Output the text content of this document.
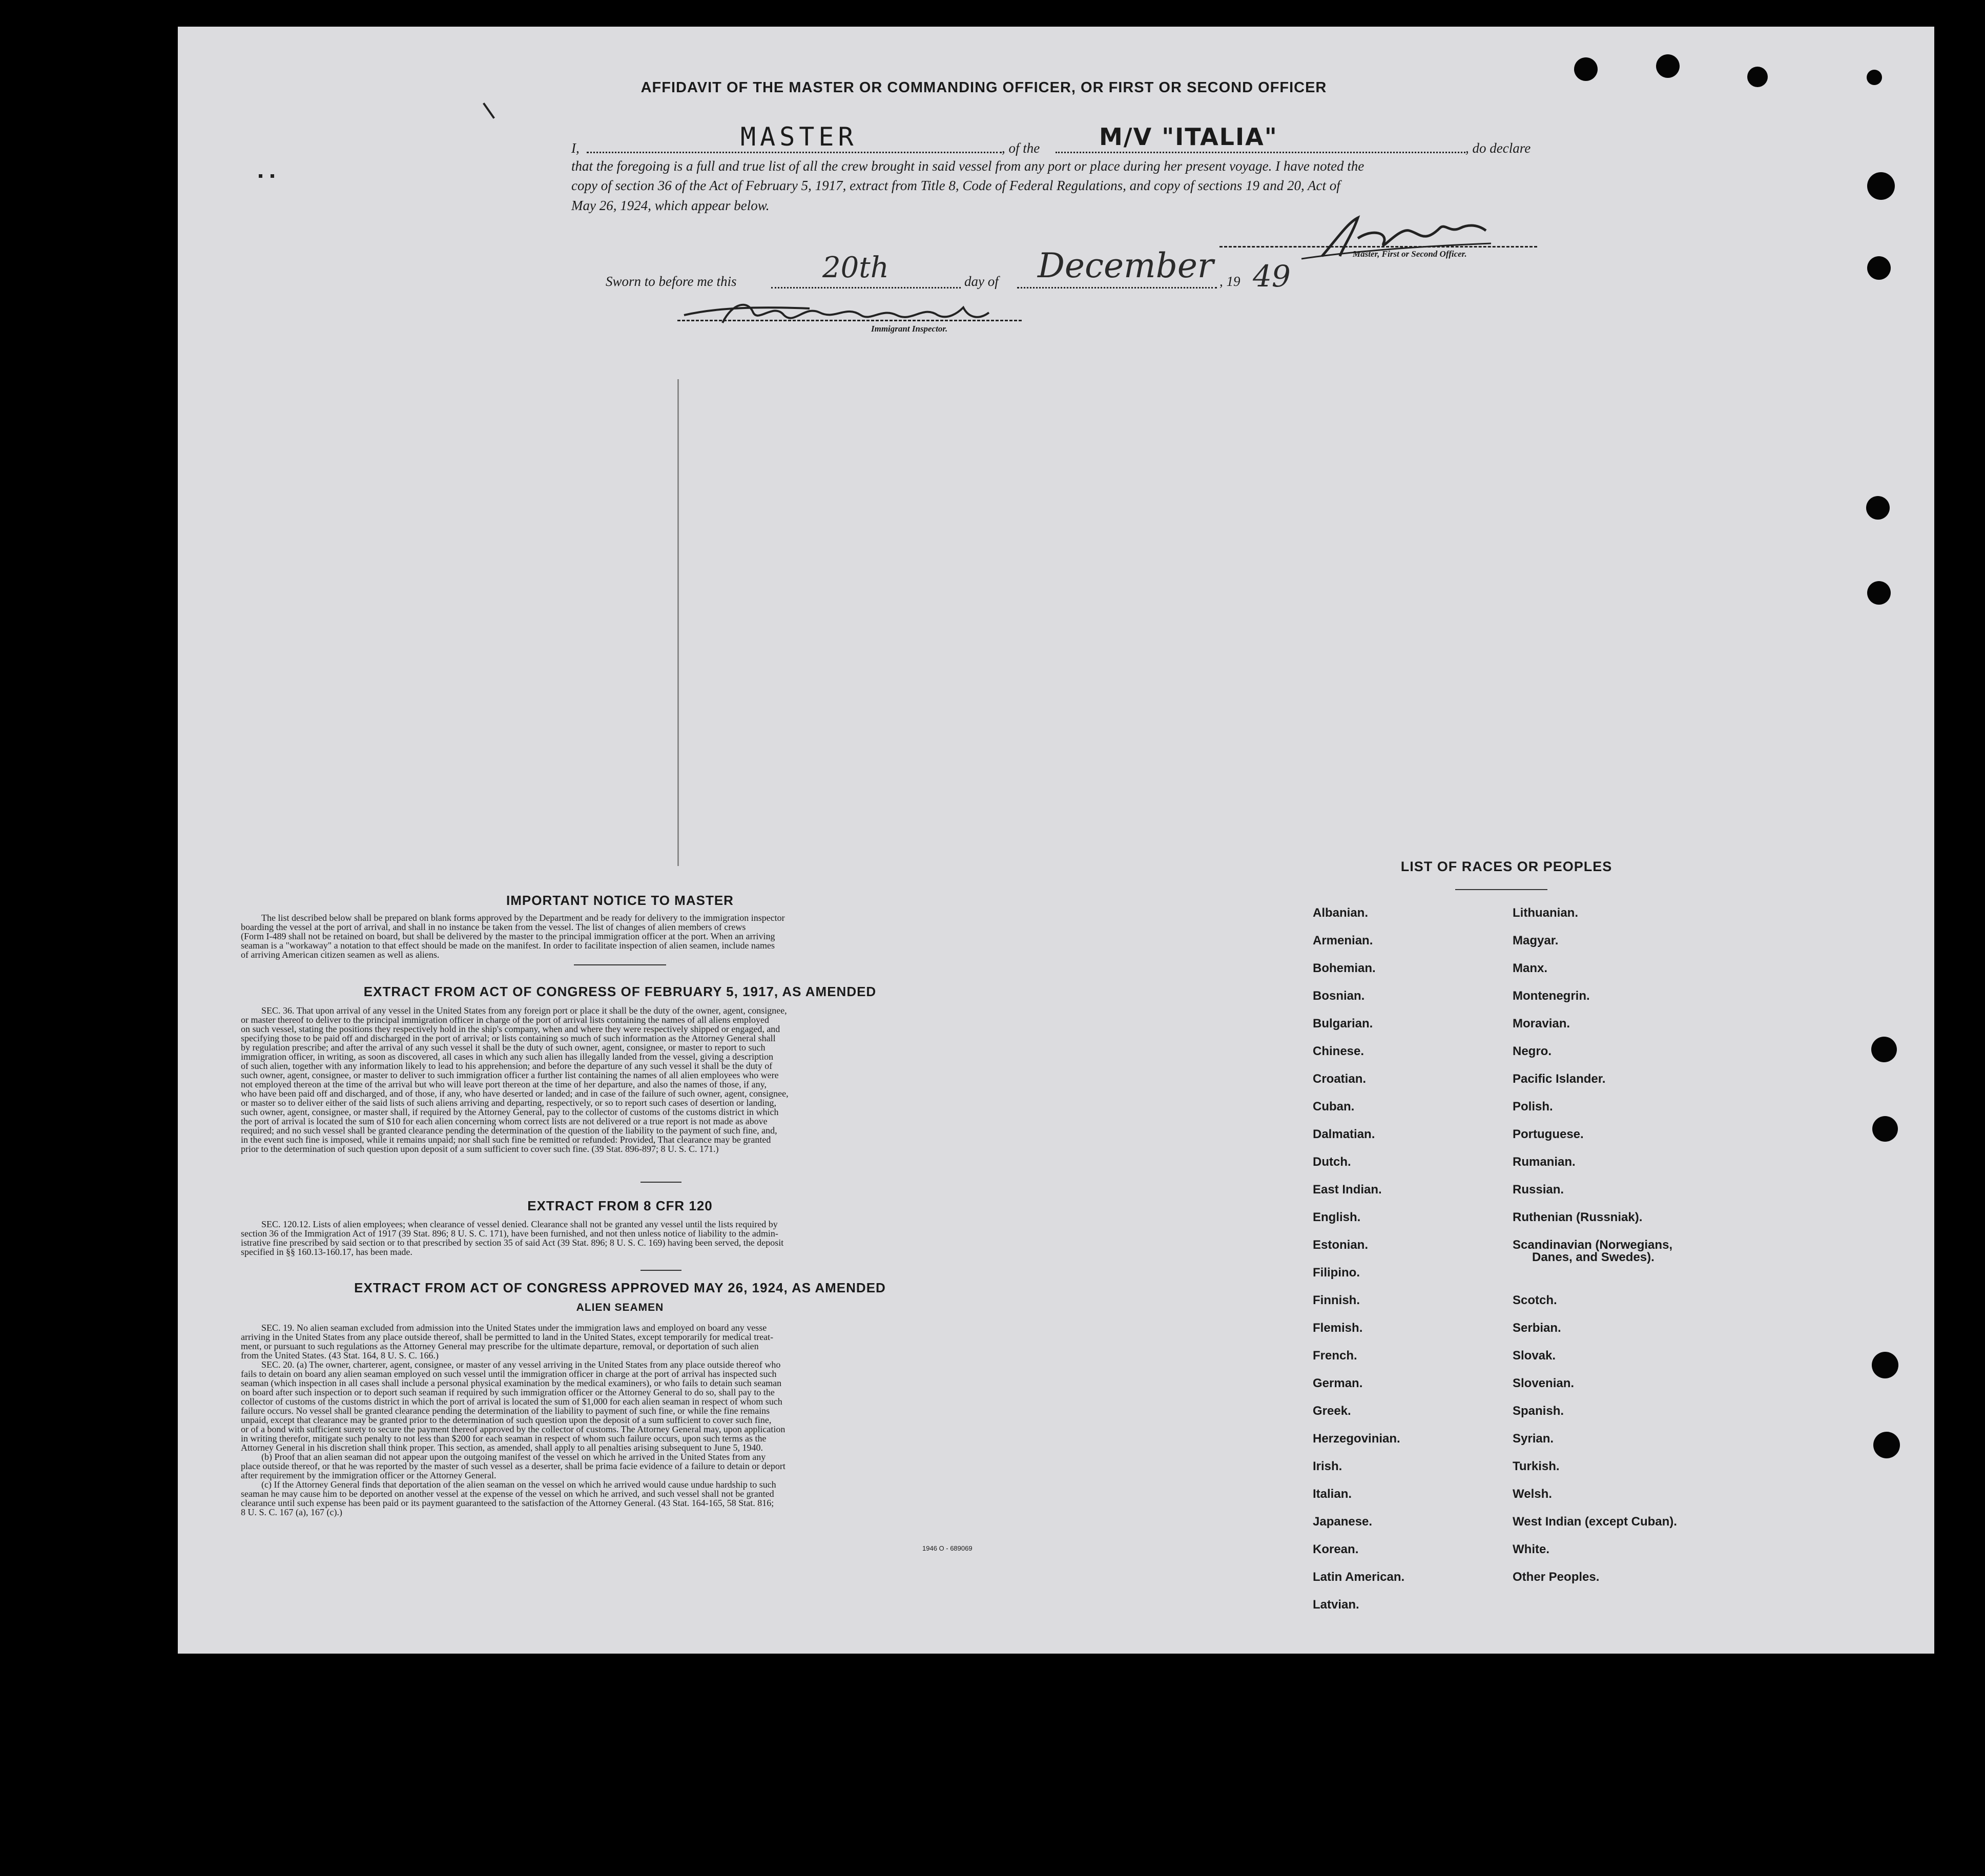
AFFIDAVIT OF THE MASTER OR COMMANDING OFFICER, OR FIRST OR SECOND OFFICER
I,	MASTER	, of the	M/V "ITALIA"	, do declare
that the foregoing is a full and true list of all the crew brought in said vessel from any port or place during her present voyage. I have noted the
copy of section 36 of the Act of February 5, 1917, extract from Title 8, Code of Federal Regulations, and copy of sections 19 and 20, Act of
May 26, 1924, which appear below.
Master, First or Second Officer.
Sworn to before me this	20th	day of December , 19 49
Immigrant Inspector.
IMPORTANT NOTICE TO MASTER
The list described below shall be prepared on blank forms approved by the Department and be ready for delivery to the immigration inspector
boarding the vessel at the port of arrival, and shall in no instance be taken from the vessel. The list of changes of alien members of crews
(Form I-489 shall not be retained on board, but shall be delivered by the master to the principal immigration officer at the port. When an arriving
seaman is a "workaway" a notation to that effect should be made on the manifest. In order to facilitate inspection of alien seamen, include names
of arriving American citizen seamen as well as aliens.
EXTRACT FROM ACT OF CONGRESS OF FEBRUARY 5, 1917, AS AMENDED
SEC. 36. That upon arrival of any vessel in the United States from any foreign port or place it shall be the duty of the owner, agent, consignee,
or master thereof to deliver to the principal immigration officer in charge of the port of arrival lists containing the names of all aliens employed
on such vessel, stating the positions they respectively hold in the ship's company, when and where they were respectively shipped or engaged, and
specifying those to be paid off and discharged in the port of arrival; or lists containing so much of such information as the Attorney General shall
by regulation prescribe; and after the arrival of any such vessel it shall be the duty of such owner, agent, consignee, or master to report to such
immigration officer, in writing, as soon as discovered, all cases in which any such alien has illegally landed from the vessel, giving a description
of such alien, together with any information likely to lead to his apprehension; and before the departure of any such vessel it shall be the duty of
such owner, agent, consignee, or master to deliver to such immigration officer a further list containing the names of all alien employees who were
not employed thereon at the time of the arrival but who will leave port thereon at the time of her departure, and also the names of those, if any,
who have been paid off and discharged, and of those, if any, who have deserted or landed; and in case of the failure of such owner, agent, consignee,
or master so to deliver either of the said lists of such aliens arriving and departing, respectively, or so to report such cases of desertion or landing,
such owner, agent, consignee, or master shall, if required by the Attorney General, pay to the collector of customs of the customs district in which
the port of arrival is located the sum of $10 for each alien concerning whom correct lists are not delivered or a true report is not made as above
required; and no such vessel shall be granted clearance pending the determination of the question of the liability to the payment of such fine, and,
in the event such fine is imposed, while it remains unpaid; nor shall such fine be remitted or refunded: Provided, That clearance may be granted
prior to the determination of such question upon deposit of a sum sufficient to cover such fine. (39 Stat. 896-897; 8 U. S. C. 171.)
EXTRACT FROM 8 CFR 120
SEC. 120.12. Lists of alien employees; when clearance of vessel denied. Clearance shall not be granted any vessel until the lists required by
section 36 of the Immigration Act of 1917 (39 Stat. 896; 8 U. S. C. 171), have been furnished, and not then unless notice of liability to the admin-
istrative fine prescribed by said section or to that prescribed by section 35 of said Act (39 Stat. 896; 8 U. S. C. 169) having been served, the deposit
specified in §§ 160.13-160.17, has been made.
EXTRACT FROM ACT OF CONGRESS APPROVED MAY 26, 1924, AS AMENDED
ALIEN SEAMEN
SEC. 19. No alien seaman excluded from admission into the United States under the immigration laws and employed on board any vesse
arriving in the United States from any place outside thereof, shall be permitted to land in the United States, except temporarily for medical treat-
ment, or pursuant to such regulations as the Attorney General may prescribe for the ultimate departure, removal, or deportation of such alien
from the United States. (43 Stat. 164, 8 U. S. C. 166.)
SEC. 20. (a) The owner, charterer, agent, consignee, or master of any vessel arriving in the United States from any place outside thereof who
fails to detain on board any alien seaman employed on such vessel until the immigration officer in charge at the port of arrival has inspected such
seaman (which inspection in all cases shall include a personal physical examination by the medical examiners), or who fails to detain such seaman
on board after such inspection or to deport such seaman if required by such immigration officer or the Attorney General to do so, shall pay to the
collector of customs of the customs district in which the port of arrival is located the sum of $1,000 for each alien seaman in respect of whom such
failure occurs. No vessel shall be granted clearance pending the determination of the liability to payment of such fine, or while the fine remains
unpaid, except that clearance may be granted prior to the determination of such question upon the deposit of a sum sufficient to cover such fine,
or of a bond with sufficient surety to secure the payment thereof approved by the collector of customs. The Attorney General may, upon application
in writing therefor, mitigate such penalty to not less than $200 for each seaman in respect of whom such failure occurs, upon such terms as the
Attorney General in his discretion shall think proper. This section, as amended, shall apply to all penalties arising subsequent to June 5, 1940.
(b) Proof that an alien seaman did not appear upon the outgoing manifest of the vessel on which he arrived in the United States from any
place outside thereof, or that he was reported by the master of such vessel as a deserter, shall be prima facie evidence of a failure to detain or deport
after requirement by the immigration officer or the Attorney General.
(c) If the Attorney General finds that deportation of the alien seaman on the vessel on which he arrived would cause undue hardship to such
seaman he may cause him to be deported on another vessel at the expense of the vessel on which he arrived, and such vessel shall not be granted
clearance until such expense has been paid or its payment guaranteed to the satisfaction of the Attorney General. (43 Stat. 164-165, 58 Stat. 816;
8 U. S. C. 167 (a), 167 (c).)
1946 O - 689069
LIST OF RACES OR PEOPLES
Albanian.
Armenian.
Bohemian.
Bosnian.
Bulgarian.
Chinese.
Croatian.
Cuban.
Dalmatian.
Dutch.
East Indian.
English.
Estonian.
Filipino.
Finnish.
Flemish.
French.
German.
Greek.
Herzegovinian.
Irish.
Italian.
Japanese.
Korean.
Latin American.
Latvian.
Lithuanian.
Magyar.
Manx.
Montenegrin.
Moravian.
Negro.
Pacific Islander.
Polish.
Portuguese.
Rumanian.
Russian.
Ruthenian (Russniak).
Scandinavian (Norwegians,
Danes, and Swedes).
Scotch.
Serbian.
Slovak.
Slovenian.
Spanish.
Syrian.
Turkish.
Welsh.
West Indian (except Cuban).
White.
Other Peoples.
